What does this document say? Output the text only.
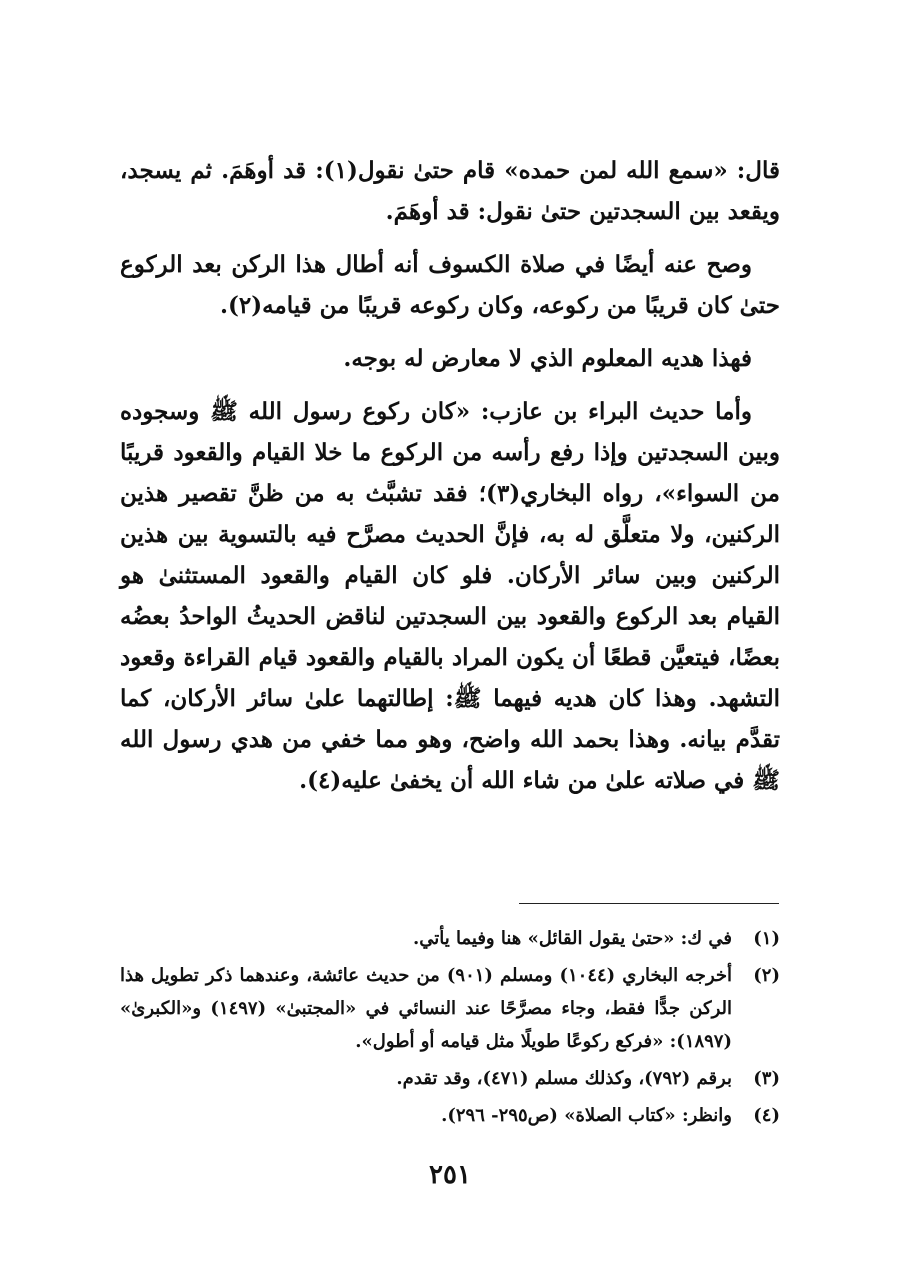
قال: «سمع الله لمن حمده» قام حتىٰ نقول(١): قد أوهَمَ. ثم يسجد، ويقعد بين السجدتين حتىٰ نقول: قد أوهَمَ.

وصح عنه أيضًا في صلاة الكسوف أنه أطال هذا الركن بعد الركوع حتىٰ كان قريبًا من ركوعه، وكان ركوعه قريبًا من قيامه(٢).

فهذا هديه المعلوم الذي لا معارض له بوجه.

وأما حديث البراء بن عازب: «كان ركوع رسول الله ﷺ وسجوده وبين السجدتين وإذا رفع رأسه من الركوع ما خلا القيام والقعود قريبًا من السواء»، رواه البخاري(٣)؛ فقد تشبَّث به من ظنَّ تقصير هذين الركنين، ولا متعلَّق له به، فإنَّ الحديث مصرَّح فيه بالتسوية بين هذين الركنين وبين سائر الأركان. فلو كان القيام والقعود المستثنىٰ هو القيام بعد الركوع والقعود بين السجدتين لناقض الحديثُ الواحدُ بعضُه بعضًا، فيتعيَّن قطعًا أن يكون المراد بالقيام والقعود قيام القراءة وقعود التشهد. وهذا كان هديه فيهما ﷺ: إطالتهما علىٰ سائر الأركان، كما تقدَّم بيانه. وهذا بحمد الله واضح، وهو مما خفي من هدي رسول الله ﷺ في صلاته علىٰ من شاء الله أن يخفىٰ عليه(٤).

(١)
في ك: «حتىٰ يقول القائل» هنا وفيما يأتي.
(٢)
أخرجه البخاري (١٠٤٤) ومسلم (٩٠١) من حديث عائشة، وعندهما ذكر تطويل هذا الركن جدًّا فقط، وجاء مصرَّحًا عند النسائي في «المجتبىٰ» (١٤٩٧) و«الكبرىٰ» (١٨٩٧): «فركع ركوعًا طويلًا مثل قيامه أو أطول».
(٣)
برقم (٧٩٢)، وكذلك مسلم (٤٧١)، وقد تقدم.
(٤)
وانظر: «كتاب الصلاة» (ص٢٩٥- ٢٩٦).
٢٥١
